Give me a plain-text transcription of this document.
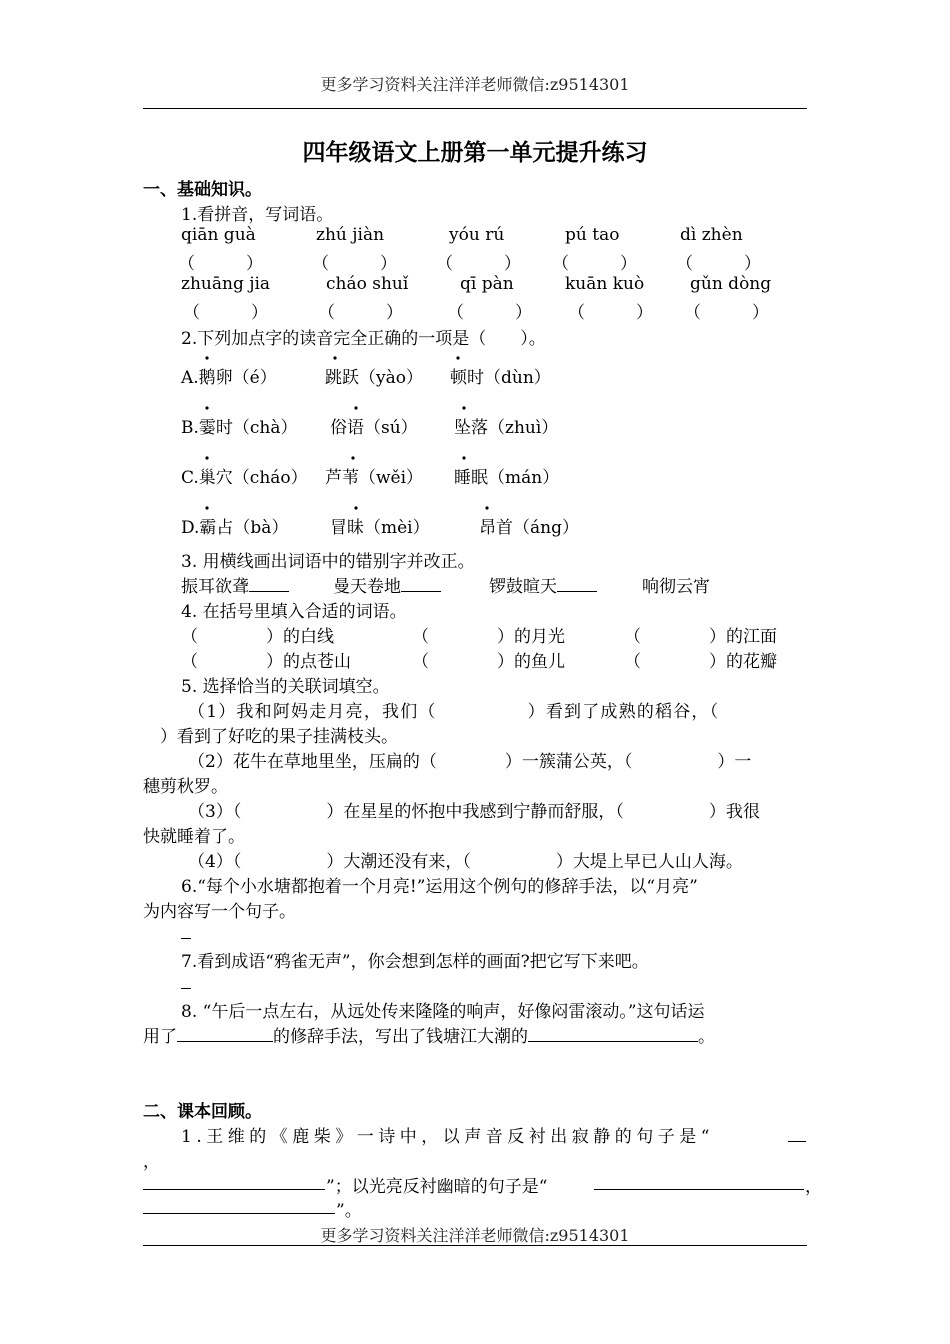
更多学习资料关注洋洋老师微信:z9514301
四年级语文上册第一单元提升练习
一、基础知识。
1.看拼音，写词语。
qiān guà	zhú jiàn	yóu rú	pú tao	dì zhèn
（　　　）	（　　　） （　　　） （　　　） （　　　）
zhuāng jia	cháo shuǐ	qī pàn	kuān kuò	gǔn dòng
（　　　）	（　　　）	（　　　） （　　　） （　　　）
2.下列加点字的读音完全正确的一项是（　　）。
A.鹅卵（é）	跳跃（yào） 顿时（dùn）
B.霎时（chà） 俗语（sú） 坠落（zhuì）
C.巢穴（cháo） 芦苇（wěi） 睡眠（mán）
D.霸占（bà） 冒昧（mèi）	昂首（áng）
3. 用横线画出词语中的错别字并改正。
振耳欲聋	曼天卷地	锣鼓暄天	响彻云宵
4. 在括号里填入合适的词语。
（　　　　）的白线	（　　　　）的月光	（　　　　）的江面
（　　　　）的点苍山	（　　　　）的鱼儿	（　　　　）的花瓣
5. 选择恰当的关联词填空。
（1）我和阿妈走月亮，我们（　　　　　）看到了成熟的稻谷，（
）看到了好吃的果子挂满枝头。
（2）花牛在草地里坐，压扁的（　　　　）一簇蒲公英，（　　　　　）一
穗剪秋罗。
（3）（　　　　　）在星星的怀抱中我感到宁静而舒服，（　　　　　）我很
快就睡着了。
（4）（　　　　　）大潮还没有来，（　　　　　）大堤上早已人山人海。
6.“每个小水塘都抱着一个月亮!”运用这个例句的修辞手法，以“月亮”
为内容写一个句子。
7.看到成语“鸦雀无声”，你会想到怎样的画面?把它写下来吧。
8. “午后一点左右，从远处传来隆隆的响声，好像闷雷滚动。”这句话运
用了	的修辞手法，写出了钱塘江大潮的	。
二、课本回顾。
1.王维的《鹿柴》一诗中，以声音反衬出寂静的句子是“
，
”；以光亮反衬幽暗的句子是“	，
”。
更多学习资料关注洋洋老师微信:z9514301
